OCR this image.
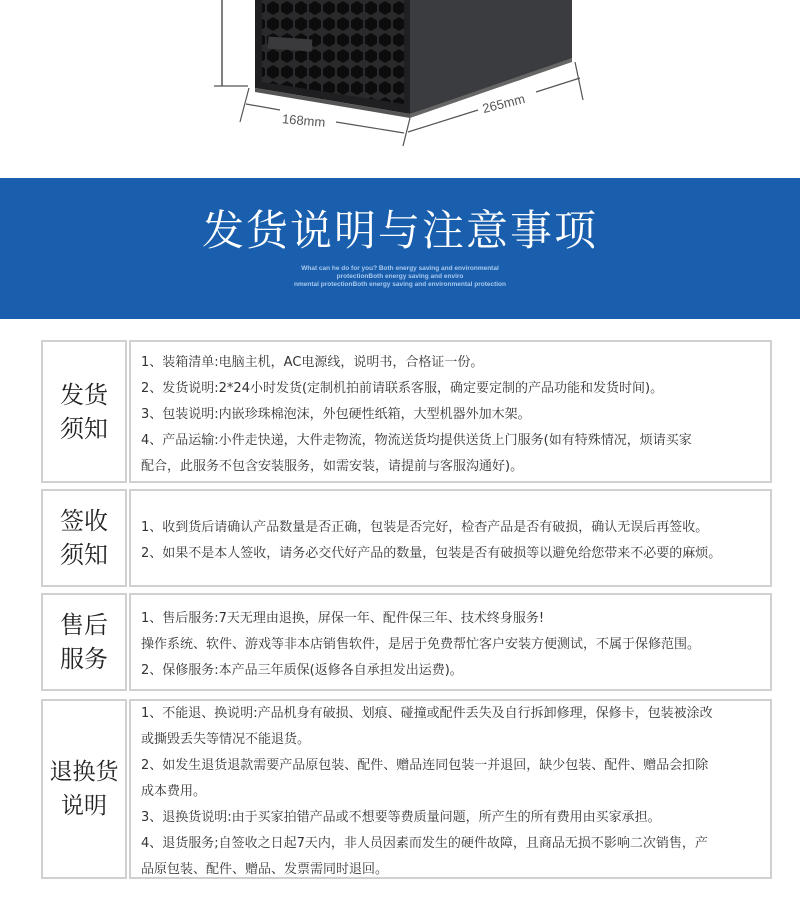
168mm
265mm
发货说明与注意事项
What can he do for you? Both energy saving and environmental
protectionBoth energy saving and enviro
nmental protectionBoth energy saving and environmental protection
发货
须知

1、装箱清单:电脑主机，AC电源线，说明书，合格证一份。

2、发货说明:2*24小时发货(定制机拍前请联系客服，确定要定制的产品功能和发货时间)。

3、包装说明:内嵌珍珠棉泡沫，外包硬性纸箱，大型机器外加木架。

4、产品运输:小件走快递，大件走物流，物流送货均提供送货上门服务(如有特殊情况，烦请买家

配合，此服务不包含安装服务，如需安装，请提前与客服沟通好)。

签收
须知

1、收到货后请确认产品数量是否正确，包装是否完好，检杳产品是否有破损，确认无误后再签收。

2、如果不是本人签收，请务必交代好产品的数量，包装是否有破损等以避免给您带来不必要的麻烦。

售后
服务

1、售后服务:7天无理由退换，屏保一年、配件保三年、技术终身服务!

操作系统、软件、游戏等非本店销售软件，是居于免费帮忙客户安装方便测试，不属于保修范围。

2、保修服务:本产品三年质保(返修各自承担发出运费)。

退换货
说明

1、不能退、换说明:产品机身有破损、划痕、碰撞或配件丢失及自行拆卸修理，保修卡，包装被涂改

或撕毁丢失等情况不能退货。

2、如发生退货退款需要产品原包装、配件、赠品连同包装一并退回，缺少包装、配件、赠品会扣除

成本费用。

3、退换货说明:由于买家拍错产品或不想要等费质量问题，所产生的所有费用由买家承担。

4、退货服务;自签收之日起7天内，非人员因素而发生的硬件故障，且商品无损不影响二次销售，产

品原包装、配件、赠品、发票需同时退回。
